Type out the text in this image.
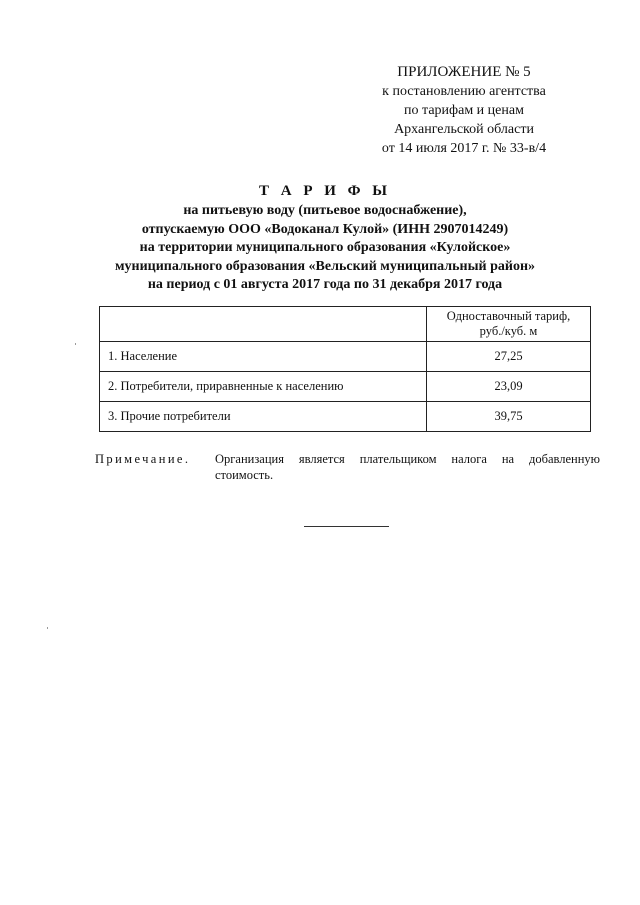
ПРИЛОЖЕНИЕ № 5
к постановлению агентства
по тарифам и ценам
Архангельской области
от 14 июля 2017 г. № 33-в/4
Т А Р И Ф Ы
на питьевую воду (питьевое водоснабжение),
отпускаемую ООО «Водоканал Кулой» (ИНН 2907014249)
на территории муниципального образования «Кулойское»
муниципального образования «Вельский муниципальный район»
на период с 01 августа 2017 года по 31 декабря 2017 года

	Одноставочный тариф,
руб./куб. м

1. Население	27,25
2. Потребители, приравненные к населению	23,09
3. Прочие потребители	39,75
Примечание. Организация является плательщиком налога на добавленную стоимость.
